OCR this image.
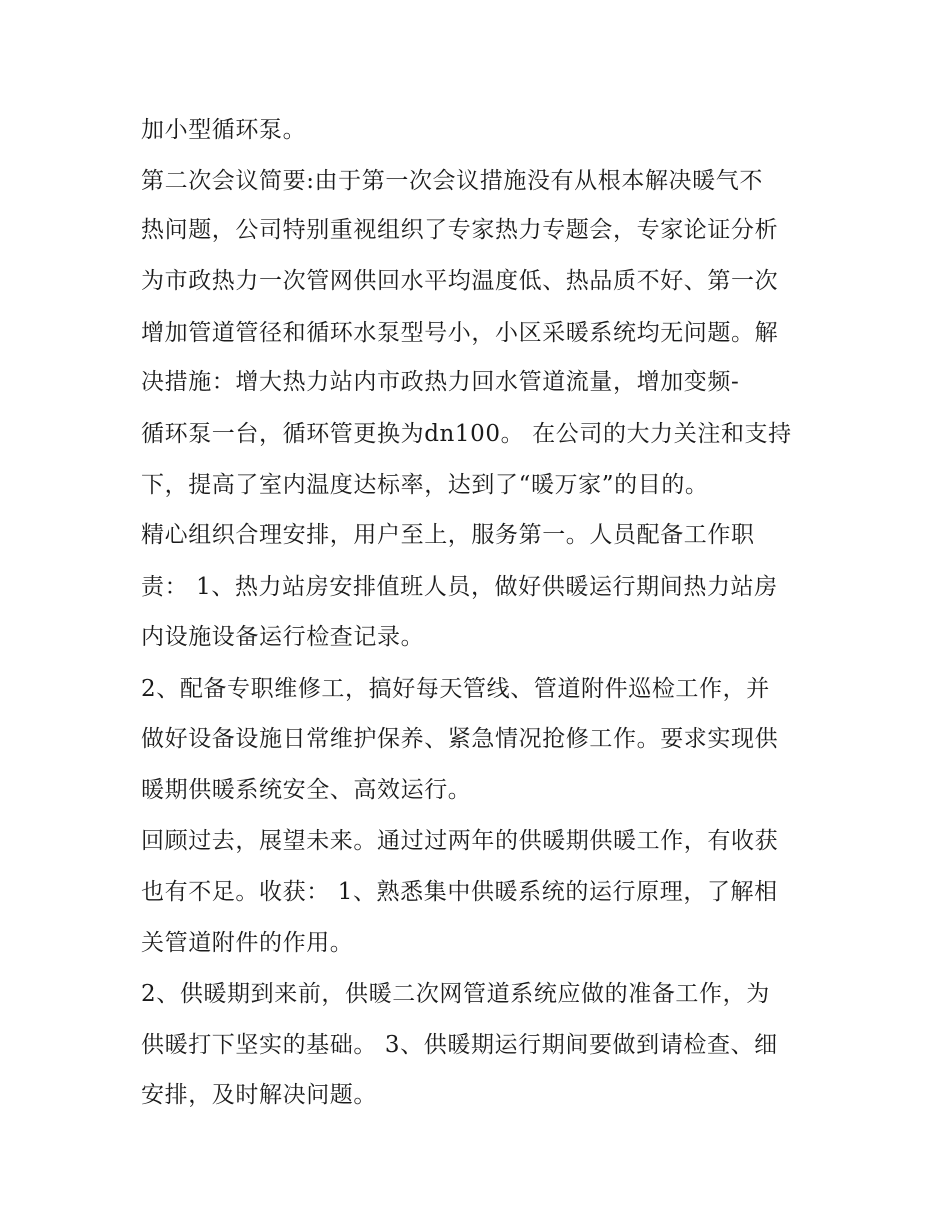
加小型循环泵。
第二次会议简要:由于第一次会议措施没有从根本解决暖气不
热问题，公司特别重视组织了专家热力专题会，专家论证分析
为市政热力一次管网供回水平均温度低、热品质不好、第一次
增加管道管径和循环水泵型号小，小区采暖系统均无问题。解
决措施：增大热力站内市政热力回水管道流量，增加变频-
循环泵一台，循环管更换为dn100。 在公司的大力关注和支持
下，提高了室内温度达标率，达到了“暖万家”的目的。
精心组织合理安排，用户至上，服务第一。人员配备工作职
责： 1、热力站房安排值班人员，做好供暖运行期间热力站房
内设施设备运行检查记录。
2、配备专职维修工，搞好每天管线、管道附件巡检工作，并
做好设备设施日常维护保养、紧急情况抢修工作。要求实现供
暖期供暖系统安全、高效运行。
回顾过去，展望未来。通过过两年的供暖期供暖工作，有收获
也有不足。收获： 1、熟悉集中供暖系统的运行原理，了解相
关管道附件的作用。
2、供暖期到来前，供暖二次网管道系统应做的准备工作，为
供暖打下坚实的基础。 3、供暖期运行期间要做到请检查、细
安排，及时解决问题。
